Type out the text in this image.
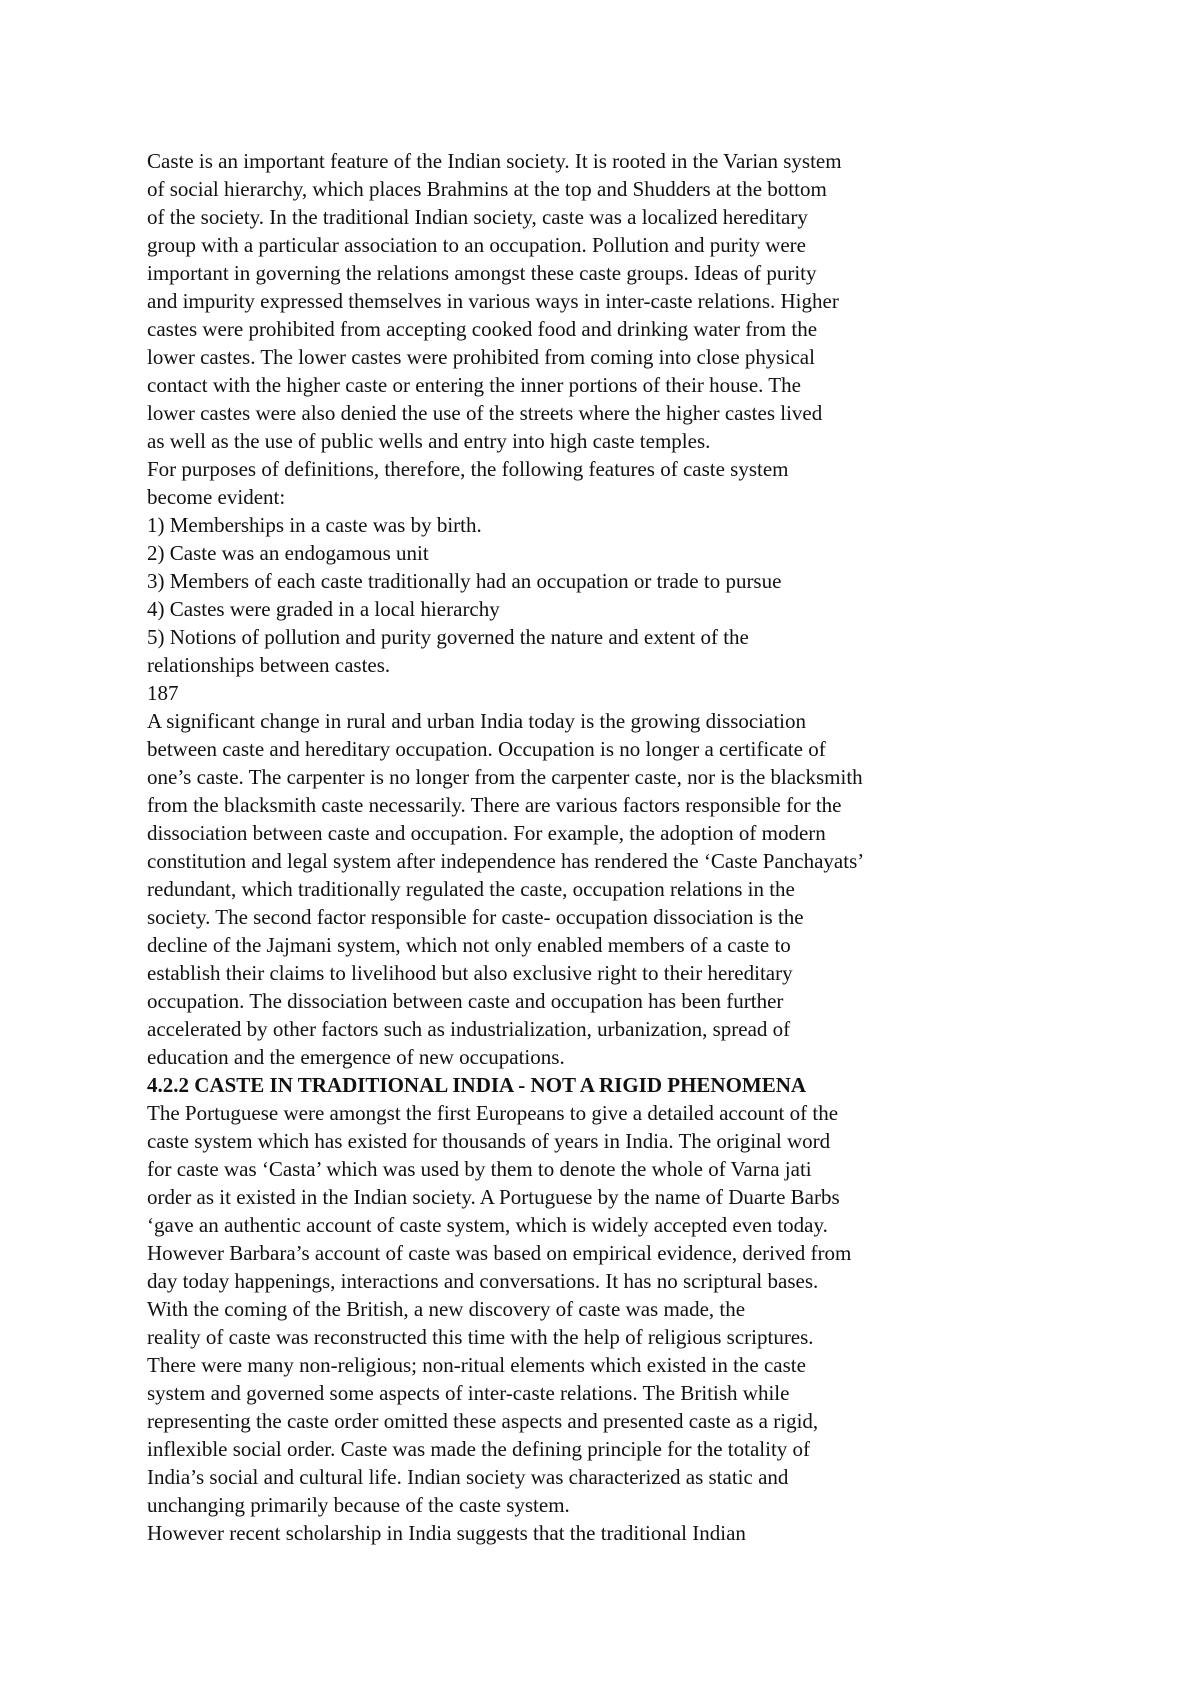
Caste is an important feature of the Indian society. It is rooted in the Varian system
of social hierarchy, which places Brahmins at the top and Shudders at the bottom
of the society. In the traditional Indian society, caste was a localized hereditary
group with a particular association to an occupation. Pollution and purity were
important in governing the relations amongst these caste groups. Ideas of purity
and impurity expressed themselves in various ways in inter-caste relations. Higher
castes were prohibited from accepting cooked food and drinking water from the
lower castes. The lower castes were prohibited from coming into close physical
contact with the higher caste or entering the inner portions of their house. The
lower castes were also denied the use of the streets where the higher castes lived
as well as the use of public wells and entry into high caste temples.
For purposes of definitions, therefore, the following features of caste system
become evident:
1) Memberships in a caste was by birth.
2) Caste was an endogamous unit
3) Members of each caste traditionally had an occupation or trade to pursue
4) Castes were graded in a local hierarchy
5) Notions of pollution and purity governed the nature and extent of the
relationships between castes.
187
A significant change in rural and urban India today is the growing dissociation
between caste and hereditary occupation. Occupation is no longer a certificate of
one’s caste. The carpenter is no longer from the carpenter caste, nor is the blacksmith
from the blacksmith caste necessarily. There are various factors responsible for the
dissociation between caste and occupation. For example, the adoption of modern
constitution and legal system after independence has rendered the ‘Caste Panchayats’
redundant, which traditionally regulated the caste, occupation relations in the
society. The second factor responsible for caste- occupation dissociation is the
decline of the Jajmani system, which not only enabled members of a caste to
establish their claims to livelihood but also exclusive right to their hereditary
occupation. The dissociation between caste and occupation has been further
accelerated by other factors such as industrialization, urbanization, spread of
education and the emergence of new occupations.
4.2.2 CASTE IN TRADITIONAL INDIA - NOT A RIGID PHENOMENA
The Portuguese were amongst the first Europeans to give a detailed account of the
caste system which has existed for thousands of years in India. The original word
for caste was ‘Casta’ which was used by them to denote the whole of Varna jati
order as it existed in the Indian society. A Portuguese by the name of Duarte Barbs
‘gave an authentic account of caste system, which is widely accepted even today.
However Barbara’s account of caste was based on empirical evidence, derived from
day today happenings, interactions and conversations. It has no scriptural bases.
With the coming of the British, a new discovery of caste was made, the
reality of caste was reconstructed this time with the help of religious scriptures.
There were many non-religious; non-ritual elements which existed in the caste
system and governed some aspects of inter-caste relations. The British while
representing the caste order omitted these aspects and presented caste as a rigid,
inflexible social order. Caste was made the defining principle for the totality of
India’s social and cultural life. Indian society was characterized as static and
unchanging primarily because of the caste system.
However recent scholarship in India suggests that the traditional Indian
